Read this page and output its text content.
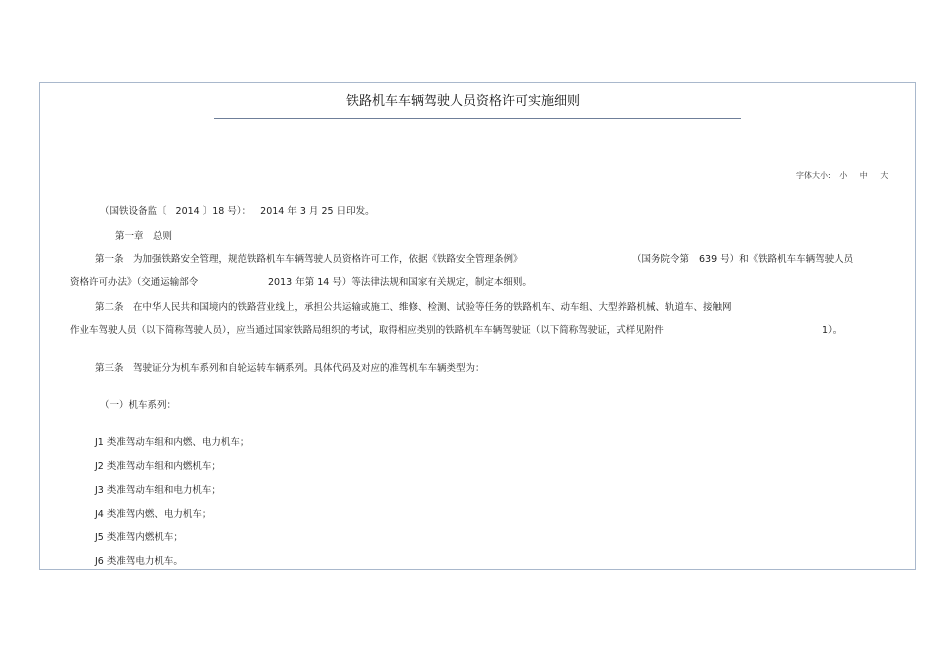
铁路机车车辆驾驶人员资格许可实施细则
字体大小: 小 中 大
（国铁设备监〔 2014 〕18 号）： 2014 年 3 月 25 日印发。
第一章　总则
第一条　为加强铁路安全管理，规范铁路机车车辆驾驶人员资格许可工作，依据《铁路安全管理条例》	（国务院令第 639 号）和《铁路机车车辆驾驶人员
资格许可办法》（交通运输部令	2013 年第 14 号）等法律法规和国家有关规定，制定本细则。
第二条　在中华人民共和国境内的铁路营业线上，承担公共运输或施工、维修、检测、试验等任务的铁路机车、动车组、大型养路机械、轨道车、接触网
作业车驾驶人员（以下简称驾驶人员），应当通过国家铁路局组织的考试，取得相应类别的铁路机车车辆驾驶证（以下简称驾驶证，式样见附件	1）。
第三条　驾驶证分为机车系列和自轮运转车辆系列。具体代码及对应的准驾机车车辆类型为：
（一）机车系列：
J1 类准驾动车组和内燃、电力机车；
J2 类准驾动车组和内燃机车；
J3 类准驾动车组和电力机车；
J4 类准驾内燃、电力机车；
J5 类准驾内燃机车；
J6 类准驾电力机车。
